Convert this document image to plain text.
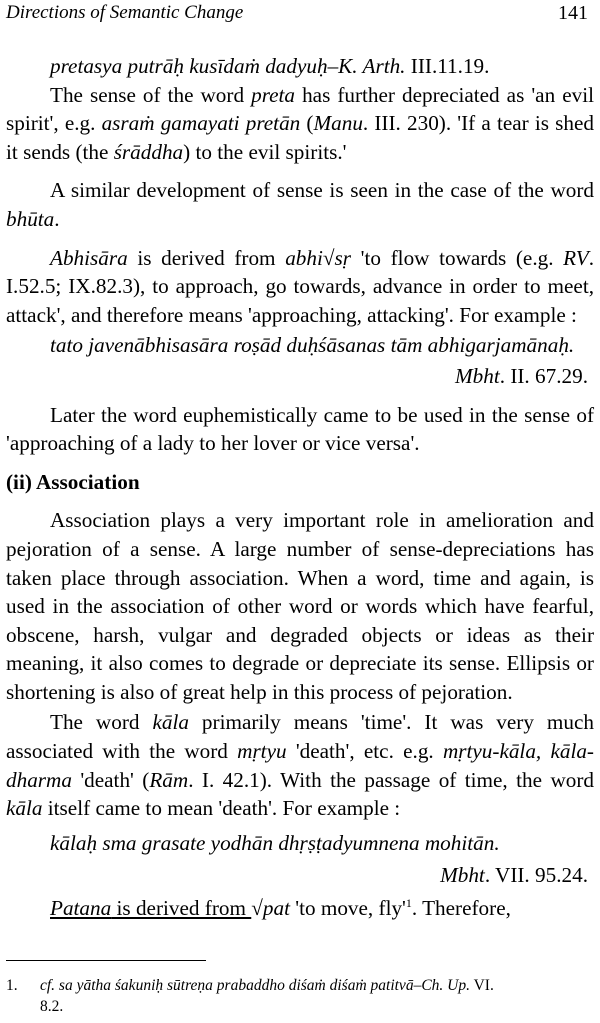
Directions of Semantic Change	141

pretasya putrāḥ kusīdaṁ dadyuḥ–K. Arth. III.11.19.

The sense of the word preta has further depreciated as 'an evil spirit', e.g. asraṁ gamayati pretān (Manu. III. 230). 'If a tear is shed it sends (the śrāddha) to the evil spirits.'

A similar development of sense is seen in the case of the word bhūta.

Abhisāra is derived from abhi√sṛ 'to flow towards (e.g. RV. I.52.5; IX.82.3), to approach, go towards, advance in order to meet, attack', and therefore means 'approaching, attacking'. For example :

tato javenābhisasāra roṣād duḥśāsanas tām abhigarjamānaḥ.

Mbht. II. 67.29.

Later the word euphemistically came to be used in the sense of 'approaching of a lady to her lover or vice versa'.

(ii) Association

Association plays a very important role in amelioration and pejoration of a sense. A large number of sense-depreciations has taken place through association. When a word, time and again, is used in the association of other word or words which have fearful, obscene, harsh, vulgar and degraded objects or ideas as their meaning, it also comes to degrade or depreciate its sense. Ellipsis or shortening is also of great help in this process of pejoration.

The word kāla primarily means 'time'. It was very much associated with the word mṛtyu 'death', etc. e.g. mṛtyu-kāla, kāla-dharma 'death' (Rām. I. 42.1). With the passage of time, the word kāla itself came to mean 'death'. For example :

kālaḥ sma grasate yodhān dhṛṣṭadyumnena mohitān.

Mbht. VII. 95.24.

Patana is derived from √pat 'to move, $fly'^1$. Therefore,

1. cf. sa yātha śakuniḥ sūtreṇa prabaddho diśaṁ diśaṁ patitvā–Ch. Up. VI.
8.2.
